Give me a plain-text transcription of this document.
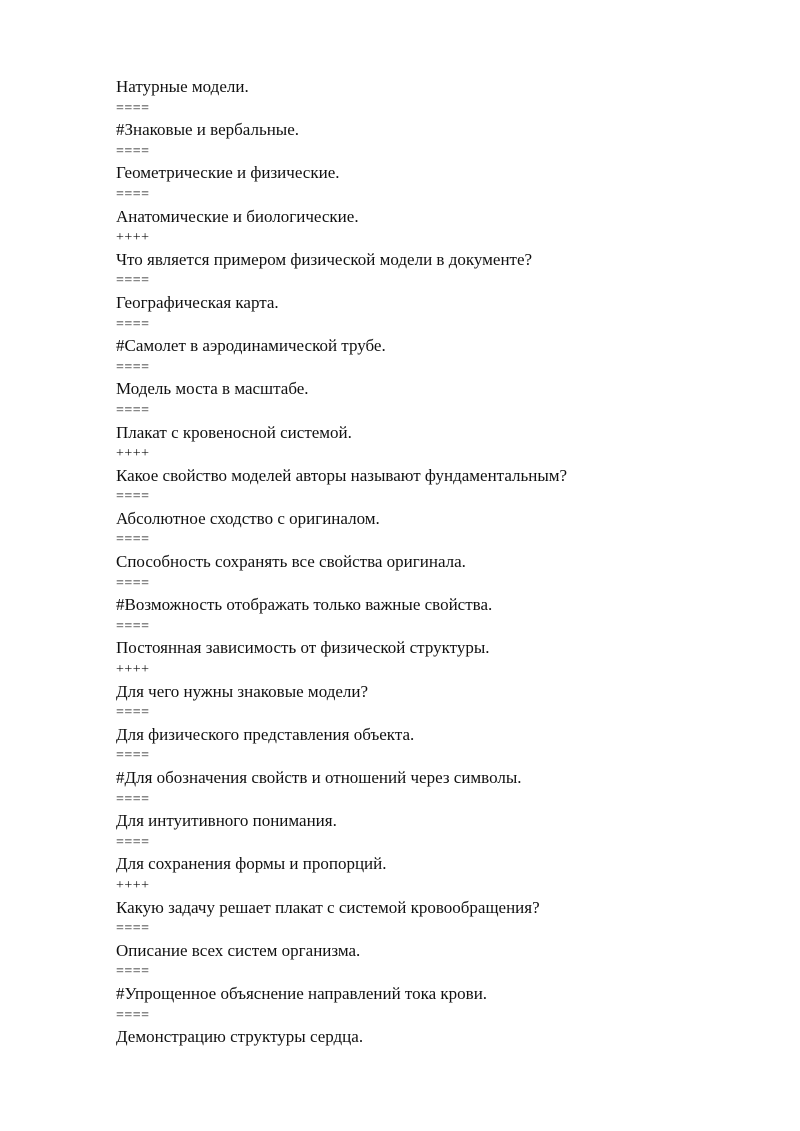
Натурные модели.
====
#Знаковые и вербальные.
====
Геометрические и физические.
====
Анатомические и биологические.
++++
Что является примером физической модели в документе?
====
Географическая карта.
====
#Самолет в аэродинамической трубе.
====
Модель моста в масштабе.
====
Плакат с кровеносной системой.
++++
Какое свойство моделей авторы называют фундаментальным?
====
Абсолютное сходство с оригиналом.
====
Способность сохранять все свойства оригинала.
====
#Возможность отображать только важные свойства.
====
Постоянная зависимость от физической структуры.
++++
Для чего нужны знаковые модели?
====
Для физического представления объекта.
====
#Для обозначения свойств и отношений через символы.
====
Для интуитивного понимания.
====
Для сохранения формы и пропорций.
++++
Какую задачу решает плакат с системой кровообращения?
====
Описание всех систем организма.
====
#Упрощенное объяснение направлений тока крови.
====
Демонстрацию структуры сердца.
